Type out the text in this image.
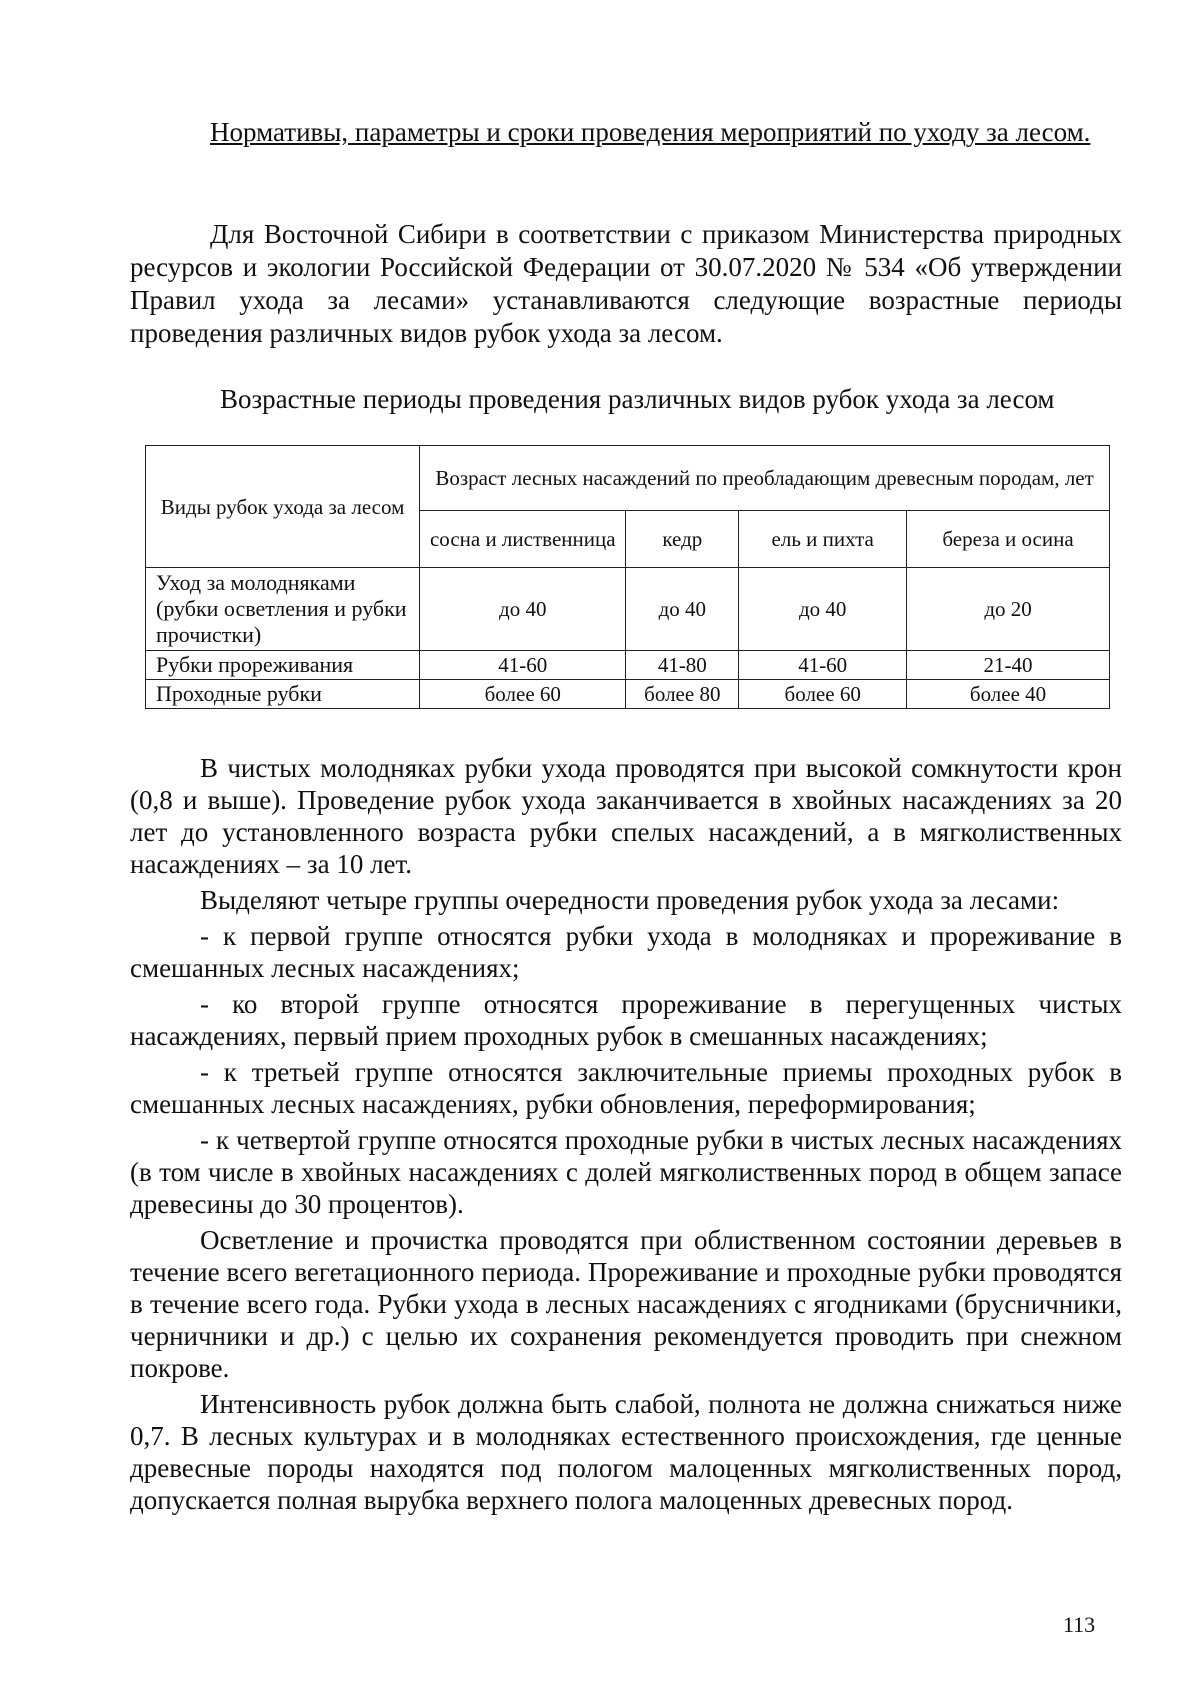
Нормативы, параметры и сроки проведения мероприятий по уходу за лесом.
Для Восточной Сибири в соответствии с приказом Министерства природных ресурсов и экологии Российской Федерации от 30.07.2020 № 534 «Об утверждении Правил ухода за лесами» устанавливаются следующие возрастные периоды проведения различных видов рубок ухода за лесом.
Возрастные периоды проведения различных видов рубок ухода за лесом
Виды рубок ухода за лесом	Возраст лесных насаждений по преобладающим древесным породам, лет			
	сосна и лиственница	кедр	ель и пихта	береза и осина
Уход за молодняками (рубки осветления и рубки прочистки)	до 40	до 40	до 40	до 20
Рубки прореживания	41-60	41-80	41-60	21-40
Проходные рубки	более 60	более 80	более 60	более 40

В чистых молодняках рубки ухода проводятся при высокой сомкнутости крон (0,8 и выше). Проведение рубок ухода заканчивается в хвойных насаждениях за 20 лет до установленного возраста рубки спелых насаждений, а в мягколиственных насаждениях – за 10 лет.

Выделяют четыре группы очередности проведения рубок ухода за лесами:

- к первой группе относятся рубки ухода в молодняках и прореживание в смешанных лесных насаждениях;

- ко второй группе относятся прореживание в перегущенных чистых насаждениях, первый прием проходных рубок в смешанных насаждениях;

- к третьей группе относятся заключительные приемы проходных рубок в смешанных лесных насаждениях, рубки обновления, переформирования;

- к четвертой группе относятся проходные рубки в чистых лесных насаждениях (в том числе в хвойных насаждениях с долей мягколиственных пород в общем запасе древесины до 30 процентов).

Осветление и прочистка проводятся при облиственном состоянии деревьев в течение всего вегетационного периода. Прореживание и проходные рубки проводятся в течение всего года. Рубки ухода в лесных насаждениях с ягодниками (брусничники, черничники и др.) с целью их сохранения рекомендуется проводить при снежном покрове.

Интенсивность рубок должна быть слабой, полнота не должна снижаться ниже 0,7. В лесных культурах и в молодняках естественного происхождения, где ценные древесные породы находятся под пологом малоценных мягколиственных пород, допускается полная вырубка верхнего полога малоценных древесных пород.

113
